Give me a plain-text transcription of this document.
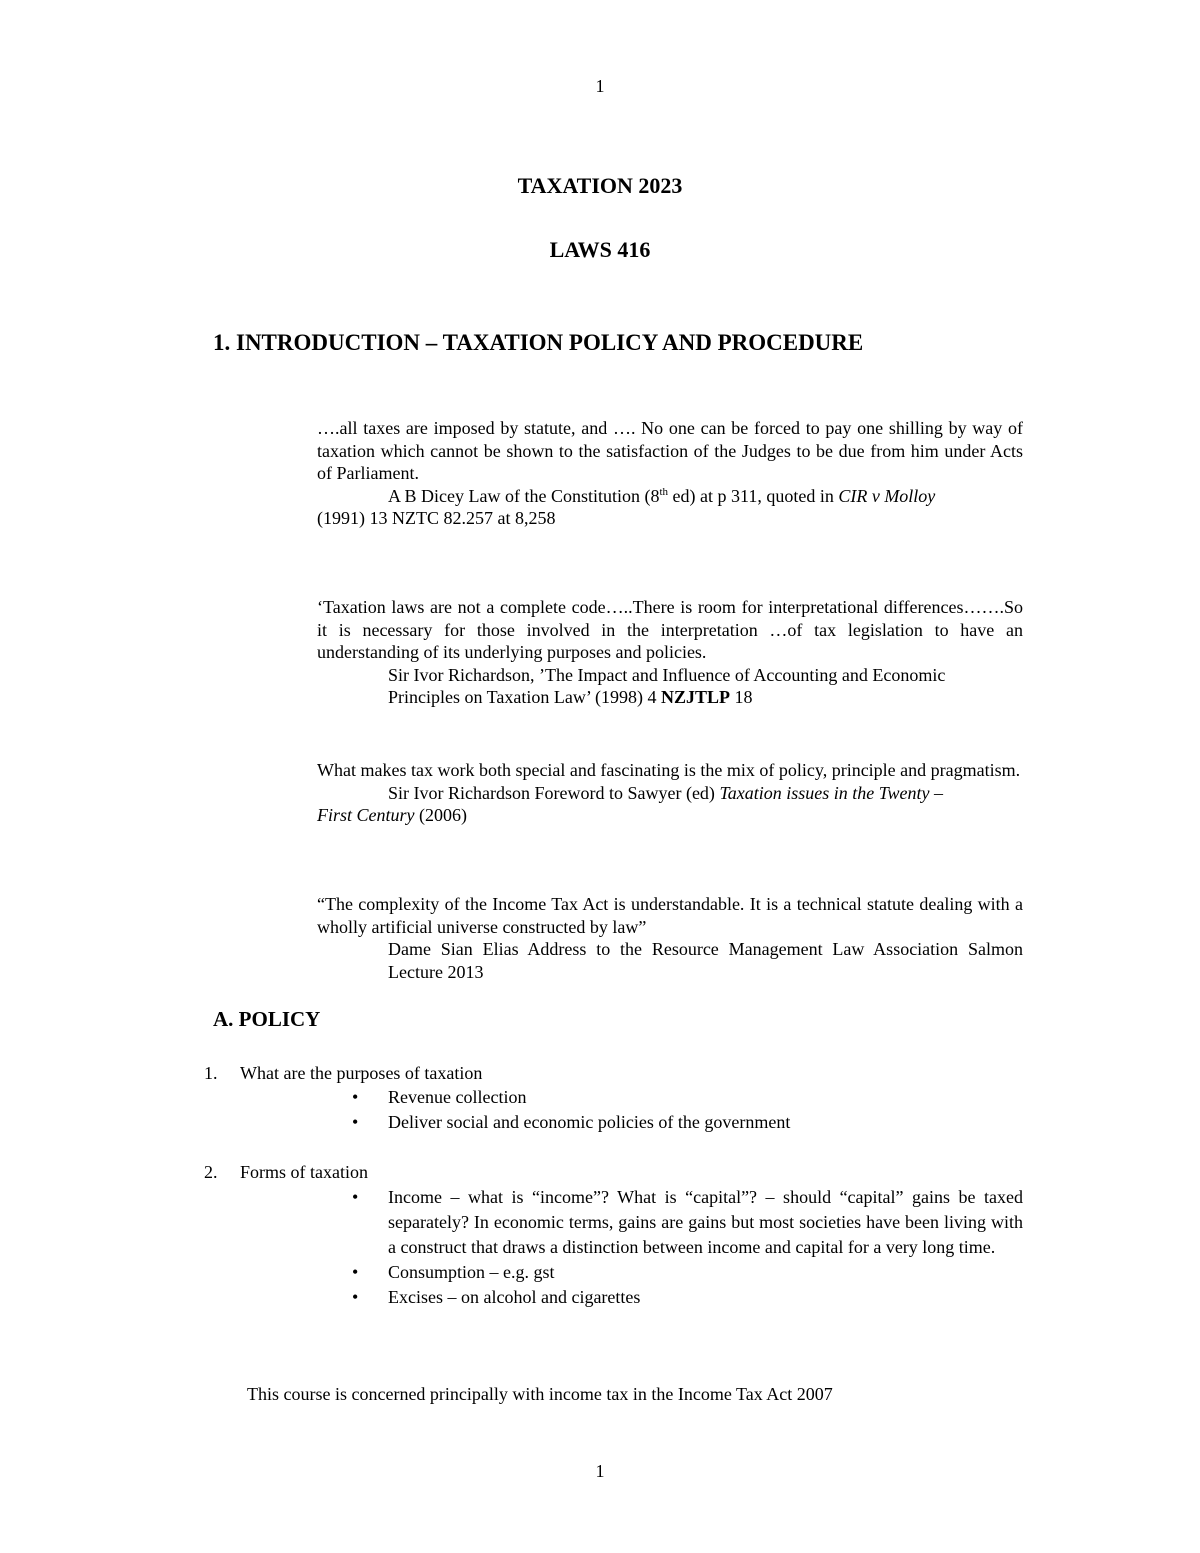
1
TAXATION 2023
LAWS 416
1. INTRODUCTION – TAXATION POLICY AND PROCEDURE
….all taxes are imposed by statute, and …. No one can be forced to pay one shilling by way of taxation which cannot be shown to the satisfaction of the Judges to be due from him under Acts of Parliament.
A B Dicey Law of the Constitution (8th ed) at p 311, quoted in CIR v Molloy
(1991) 13 NZTC 82.257 at 8,258
‘Taxation laws are not a complete code…..There is room for interpretational differences…….So it is necessary for those involved in the interpretation …of tax legislation to have an understanding of its underlying purposes and policies.
Sir Ivor Richardson, ’The Impact and Influence of Accounting and Economic
Principles on Taxation Law’ (1998) 4 NZJTLP 18
What makes tax work both special and fascinating is the mix of policy, principle and pragmatism.
Sir Ivor Richardson Foreword to Sawyer (ed) Taxation issues in the Twenty –
First Century (2006)
“The complexity of the Income Tax Act is understandable. It is a technical statute dealing with a wholly artificial universe constructed by law”
Dame Sian Elias Address to the Resource Management Law Association Salmon Lecture 2013
A. POLICY
1. What are the purposes of taxation
•	Revenue collection
•	Deliver social and economic policies of the government
2. Forms of taxation
•	Income – what is “income”? What is “capital”? – should “capital” gains be taxed separately? In economic terms, gains are gains but most societies have been living with a construct that draws a distinction between income and capital for a very long time.
•	Consumption – e.g. gst
•	Excises – on alcohol and cigarettes
This course is concerned principally with income tax in the Income Tax Act 2007
1
